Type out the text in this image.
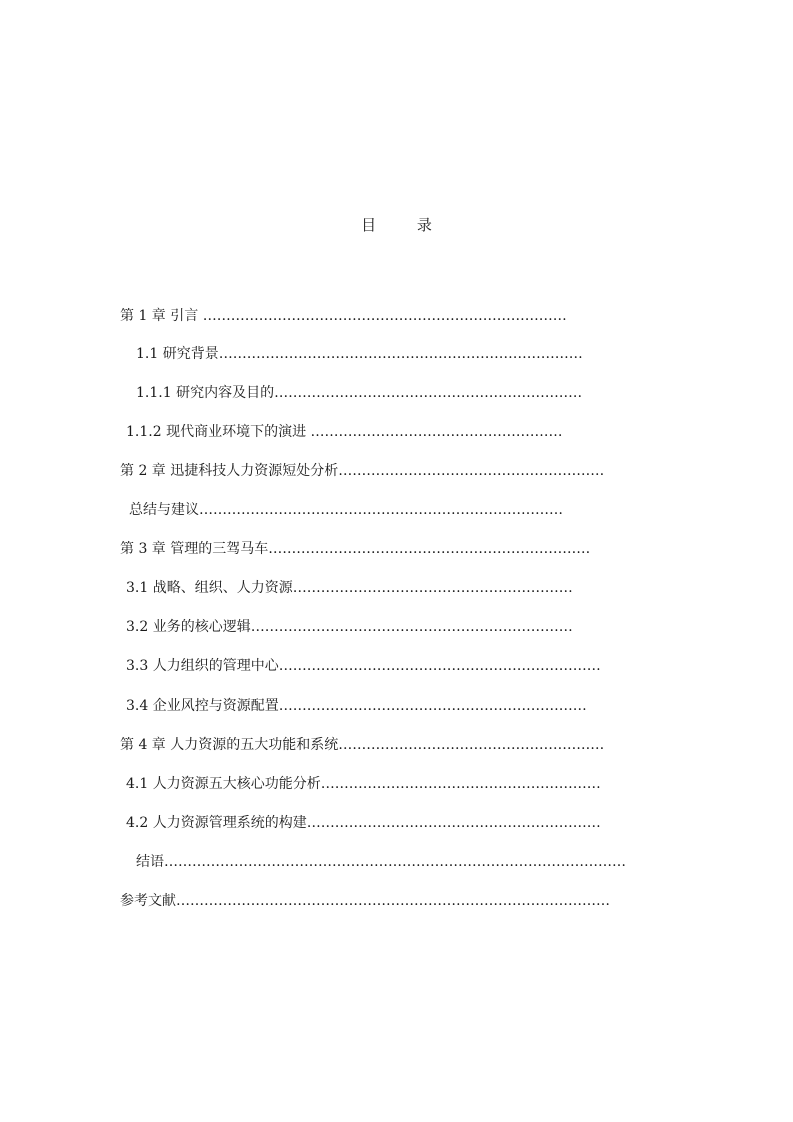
目 录
第 1 章 引言 ……………………………………………………………………
1.1 研究背景……………………………………………………………………
1.1.1 研究内容及目的…………………………………………………………
1.1.2 现代商业环境下的演进 ………………………………………………
第 2 章 迅捷科技人力资源短处分析…………………………………………………
总结与建议……………………………………………………………………
第 3 章 管理的三驾马车……………………………………………………………
3.1 战略、组织、人力资源……………………………………………………
3.2 业务的核心逻辑……………………………………………………………
3.3 人力组织的管理中心……………………………………………………………
3.4 企业风控与资源配置…………………………………………………………
第 4 章 人力资源的五大功能和系统…………………………………………………
4.1 人力资源五大核心功能分析……………………………………………………
4.2 人力资源管理系统的构建………………………………………………………
结语………………………………………………………………………………………
参考文献…………………………………………………………………………………
